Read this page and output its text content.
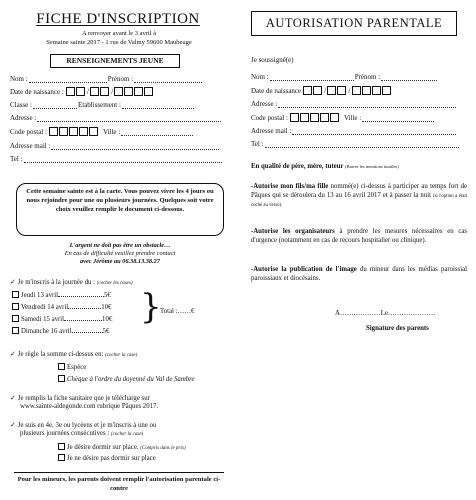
FICHE D'INSCRIPTION
A renvoyer avant le 3 avril à
Semaine sainte 2017 - 1 rue de Valmy 59600 Maubeuge
RENSEIGNEMENTS JEUNE
Nom :	Prénom :
Date de naissance :	/	/
Classe :	Etablissement :
Adresse :
Code postal :	Ville :
Adresse mail :
Tel :
Cette semaine sainte est à la carte. Vous pouvez vivre les 4 jours ou nous rejoindre pour une ou plusieurs journées. Quelques soit votre choix veuillez remplir le document ci-dessous.
L'argent ne doit pas être un obstacle…
En cas de difficulté veuillez prendre contact
avec Jérôme au 06.38.13.38.27
✓ Je m'inscris à la journée du : (cocher les cases)
Jeudi 13 avril	5€
Vendredi 14 avril	10€
Samedi 15 avril	10€
Dimanche 16 avril	5€
}
Total :……€
✓ Je règle la somme ci-dessus en: (cocher la case)
Espèce
Chèque à l'ordre du doyenné du Val de Sambre
✓ Je remplis la fiche sanitaire que je télécharge sur
www.sainte-aldegonde.com rubrique Pâques 2017.
✓ Je suis en 4e, 3e ou lycéens et je m'inscris à une ou
plusieurs journées consécutives : (cocher la case)
Je désire dormir sur place. (Compris dans le prix)
Je ne désire pas dormir sur place
Pour les mineurs, les parents doivent remplir l'autorisation parentale ci-contre
AUTORISATION PARENTALE
Je soussigné(e)
Nom :	Prénom :
Date de naissance	/	/
Adresse :
Code postal :	Ville :
Adresse mail :
Tel :
En qualité de père, mère, tuteur (Barrer les mentions inutiles)
-Autorise mon fils/ma fille nommé(e) ci-dessus à participer au temps fort de Pâques qui se déroulera du 13 au 16 avril 2017 et à passer la nuit (si l'option a était coché au verso).
-Autorise les organisateurs à prendre les mesures nécessaires en cas d'urgence (notamment en cas de recours hospitalier ou clinique).
-Autorise la publication de l'image du mineur dans les médias paroissial paroissiaux et diocésains.
A………………Le…………………
Signature des parents
